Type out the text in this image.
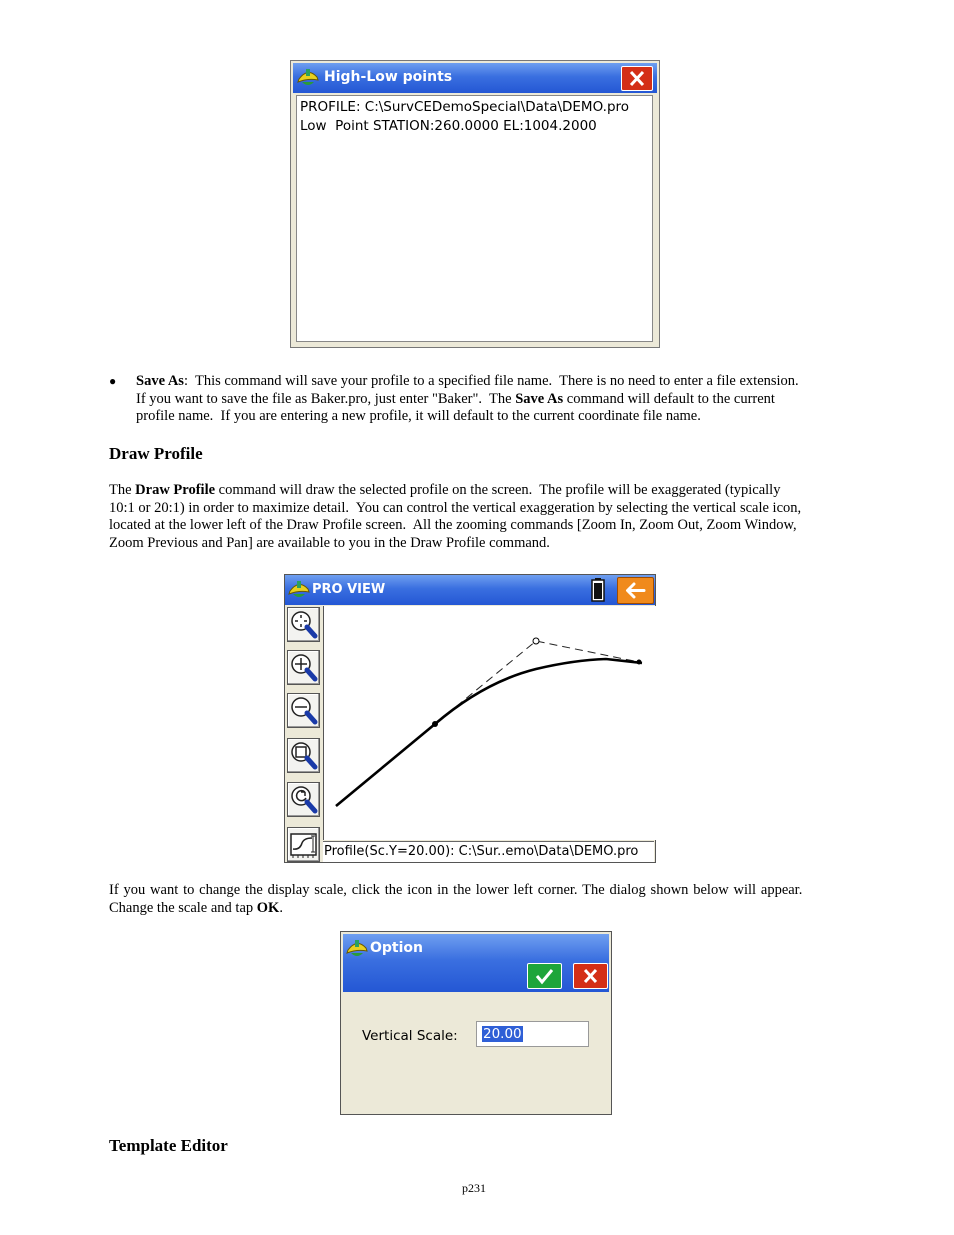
High-Low points
PROFILE: C:\SurvCEDemoSpecial\Data\DEMO.pro
Low  Point STATION:260.0000 EL:1004.2000
● Save As:  This command will save your profile to a specified file name.  There is no need to enter a file extension.
If you want to save the file as Baker.pro, just enter "Baker".  The Save As command will default to the current
profile name.  If you are entering a new profile, it will default to the current coordinate file name.
Draw Profile
The Draw Profile command will draw the selected profile on the screen.  The profile will be exaggerated (typically
10:1 or 20:1) in order to maximize detail.  You can control the vertical exaggeration by selecting the vertical scale icon,
located at the lower left of the Draw Profile screen.  All the zooming commands [Zoom In, Zoom Out, Zoom Window,
Zoom Previous and Pan] are available to you in the Draw Profile command.
PRO VIEW
Profile(Sc.Y=20.00): C:\Sur..emo\Data\DEMO.pro
If you want to change the display scale, click the icon in the lower left corner. The dialog shown below will appear.
Change the scale and tap OK.
Option
Vertical Scale: 20.00
Template Editor
p231
